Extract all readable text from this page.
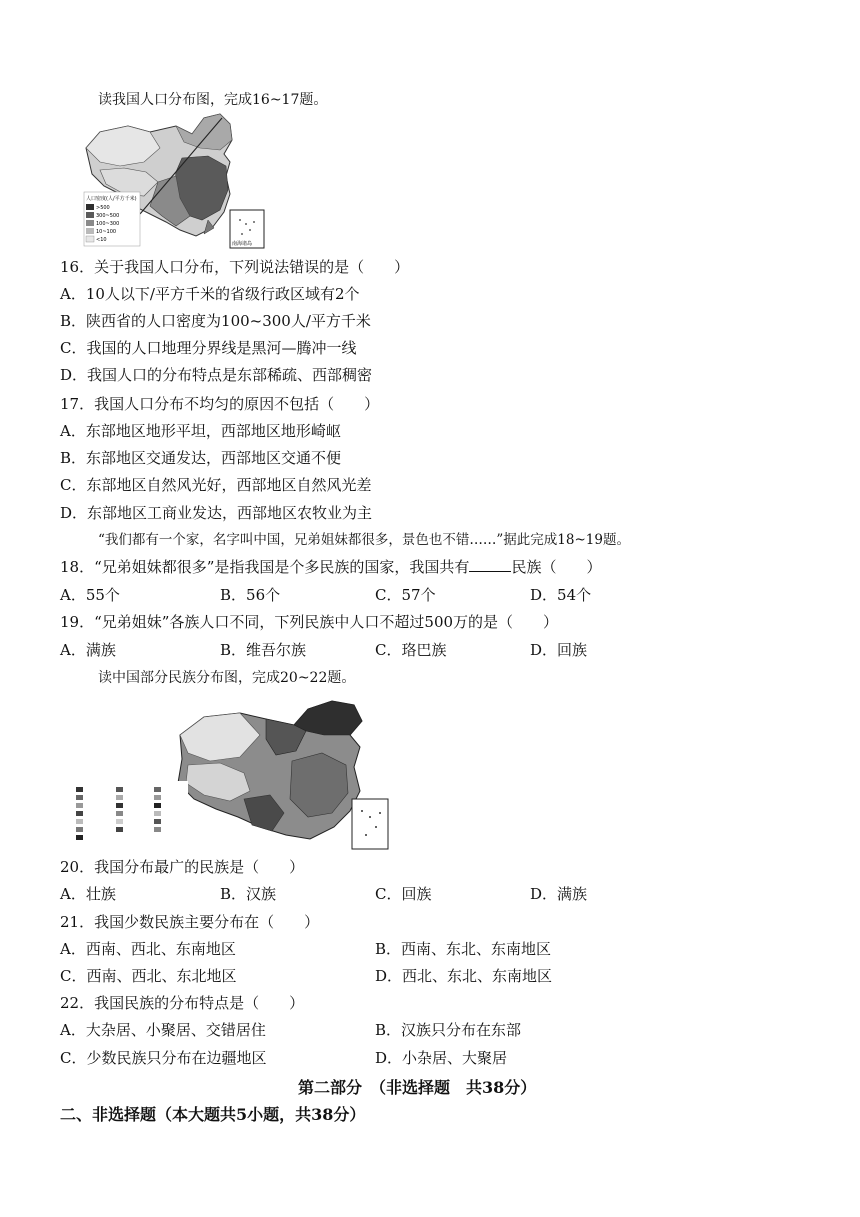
读我国人口分布图，完成16~17题。
人口密度(人/平方千米)
>500
300~500
100~300
10~100
<10
南海诸岛
16．关于我国人口分布，下列说法错误的是（　　）
A．10人以下/平方千米的省级行政区域有2个
B．陕西省的人口密度为100~300人/平方千米
C．我国的人口地理分界线是黑河—腾冲一线
D．我国人口的分布特点是东部稀疏、西部稠密
17．我国人口分布不均匀的原因不包括（　　）
A．东部地区地形平坦，西部地区地形崎岖
B．东部地区交通发达，西部地区交通不便
C．东部地区自然风光好，西部地区自然风光差
D．东部地区工商业发达，西部地区农牧业为主
“我们都有一个家，名字叫中国，兄弟姐妹都很多，景色也不错……”据此完成18~19题。
18．“兄弟姐妹都很多”是指我国是个多民族的国家，我国共有	民族（　　）
A．55个	B．56个	C．57个	D．54个
19．“兄弟姐妹”各族人口不同，下列民族中人口不超过500万的是（　　）
A．满族	B．维吾尔族	C．珞巴族	D．回族
读中国部分民族分布图，完成20~22题。
20．我国分布最广的民族是（　　）
A．壮族	B．汉族	C．回族	D．满族
21．我国少数民族主要分布在（　　）
A．西南、西北、东南地区	B．西南、东北、东南地区
C．西南、西北、东北地区	D．西北、东北、东南地区
22．我国民族的分布特点是（　　）
A．大杂居、小聚居、交错居住	B．汉族只分布在东部
C．少数民族只分布在边疆地区	D．小杂居、大聚居
第二部分　（非选择题　共38分）
二、非选择题（本大题共5小题，共38分）
